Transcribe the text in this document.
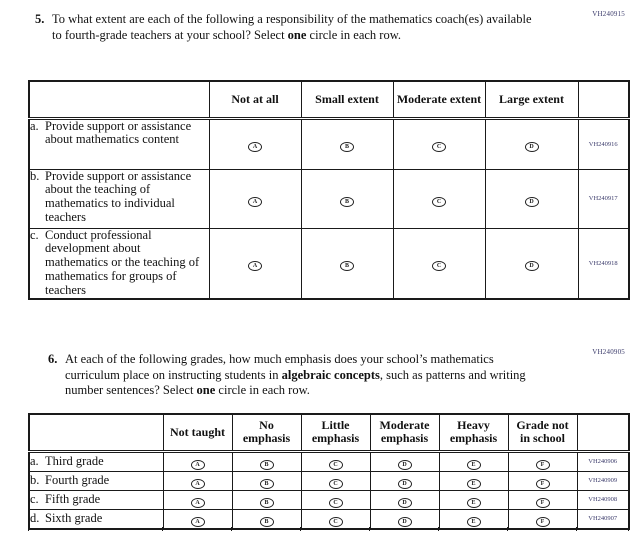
VH240915
5. To what extent are each of the following a responsibility of the mathematics coach(es) available to fourth-grade teachers at your school? Select one circle in each row.
	Not at all	Small extent	Moderate extent	Large extent	
a. Provide support or assistance about mathematics content	A	B	C	D	VH240916
b. Provide support or assistance about the teaching of mathematics to individual teachers	A	B	C	D	VH240917
c. Conduct professional development about mathematics or the teaching of mathematics for groups of teachers	A	B	C	D	VH240918
VH240905
6. At each of the following grades, how much emphasis does your school’s mathematics curriculum place on instructing students in algebraic concepts, such as patterns and writing number sentences? Select one circle in each row.
	Not taught	No emphasis	Little emphasis	Moderate emphasis	Heavy emphasis	Grade not in school	
a. Third grade	A	B	C	D	E	F	VH240906
b. Fourth grade	A	B	C	D	E	F	VH240909
c. Fifth grade	A	B	C	D	E	F	VH240908
d. Sixth grade	A	B	C	D	E	F	VH240907
